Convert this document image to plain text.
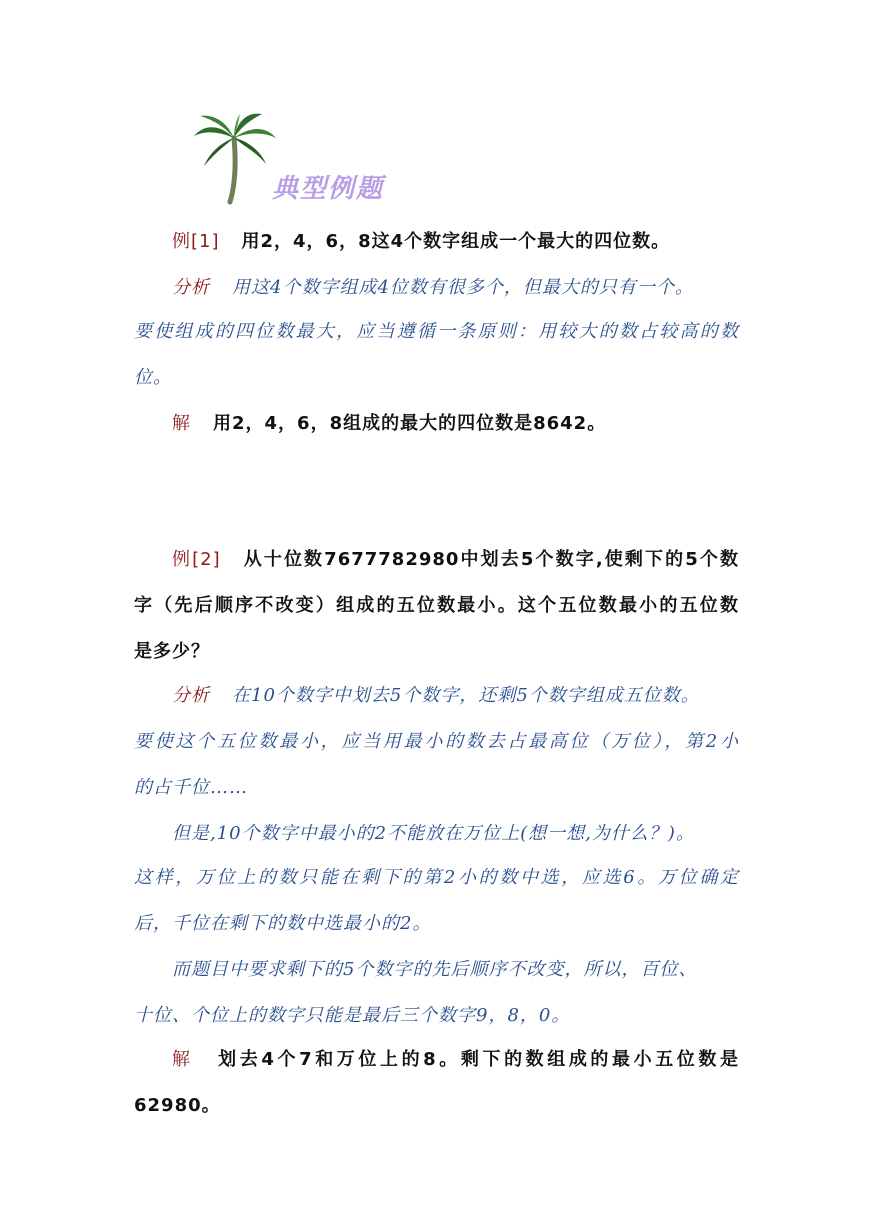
典型例题
例[1] 用2，4，6，8这4个数字组成一个最大的四位数。
分析 用这4个数字组成4位数有很多个，但最大的只有一个。
要使组成的四位数最大，应当遵循一条原则：用较大的数占较高的数
位。
解 用2，4，6，8组成的最大的四位数是8642。
例[2] 从十位数7677782980中划去5个数字,使剩下的5个数
字（先后顺序不改变）组成的五位数最小。这个五位数最小的五位数
是多少？
分析 在10个数字中划去5个数字，还剩5个数字组成五位数。
要使这个五位数最小，应当用最小的数去占最高位（万位），第2小
的占千位……
但是,10个数字中最小的2不能放在万位上(想一想,为什么？)。
这样，万位上的数只能在剩下的第2小的数中选，应选6。万位确定
后，千位在剩下的数中选最小的2。
而题目中要求剩下的5个数字的先后顺序不改变，所以，百位、
十位、个位上的数字只能是最后三个数字9，8，0。
解 划去4个7和万位上的8。剩下的数组成的最小五位数是
62980。
